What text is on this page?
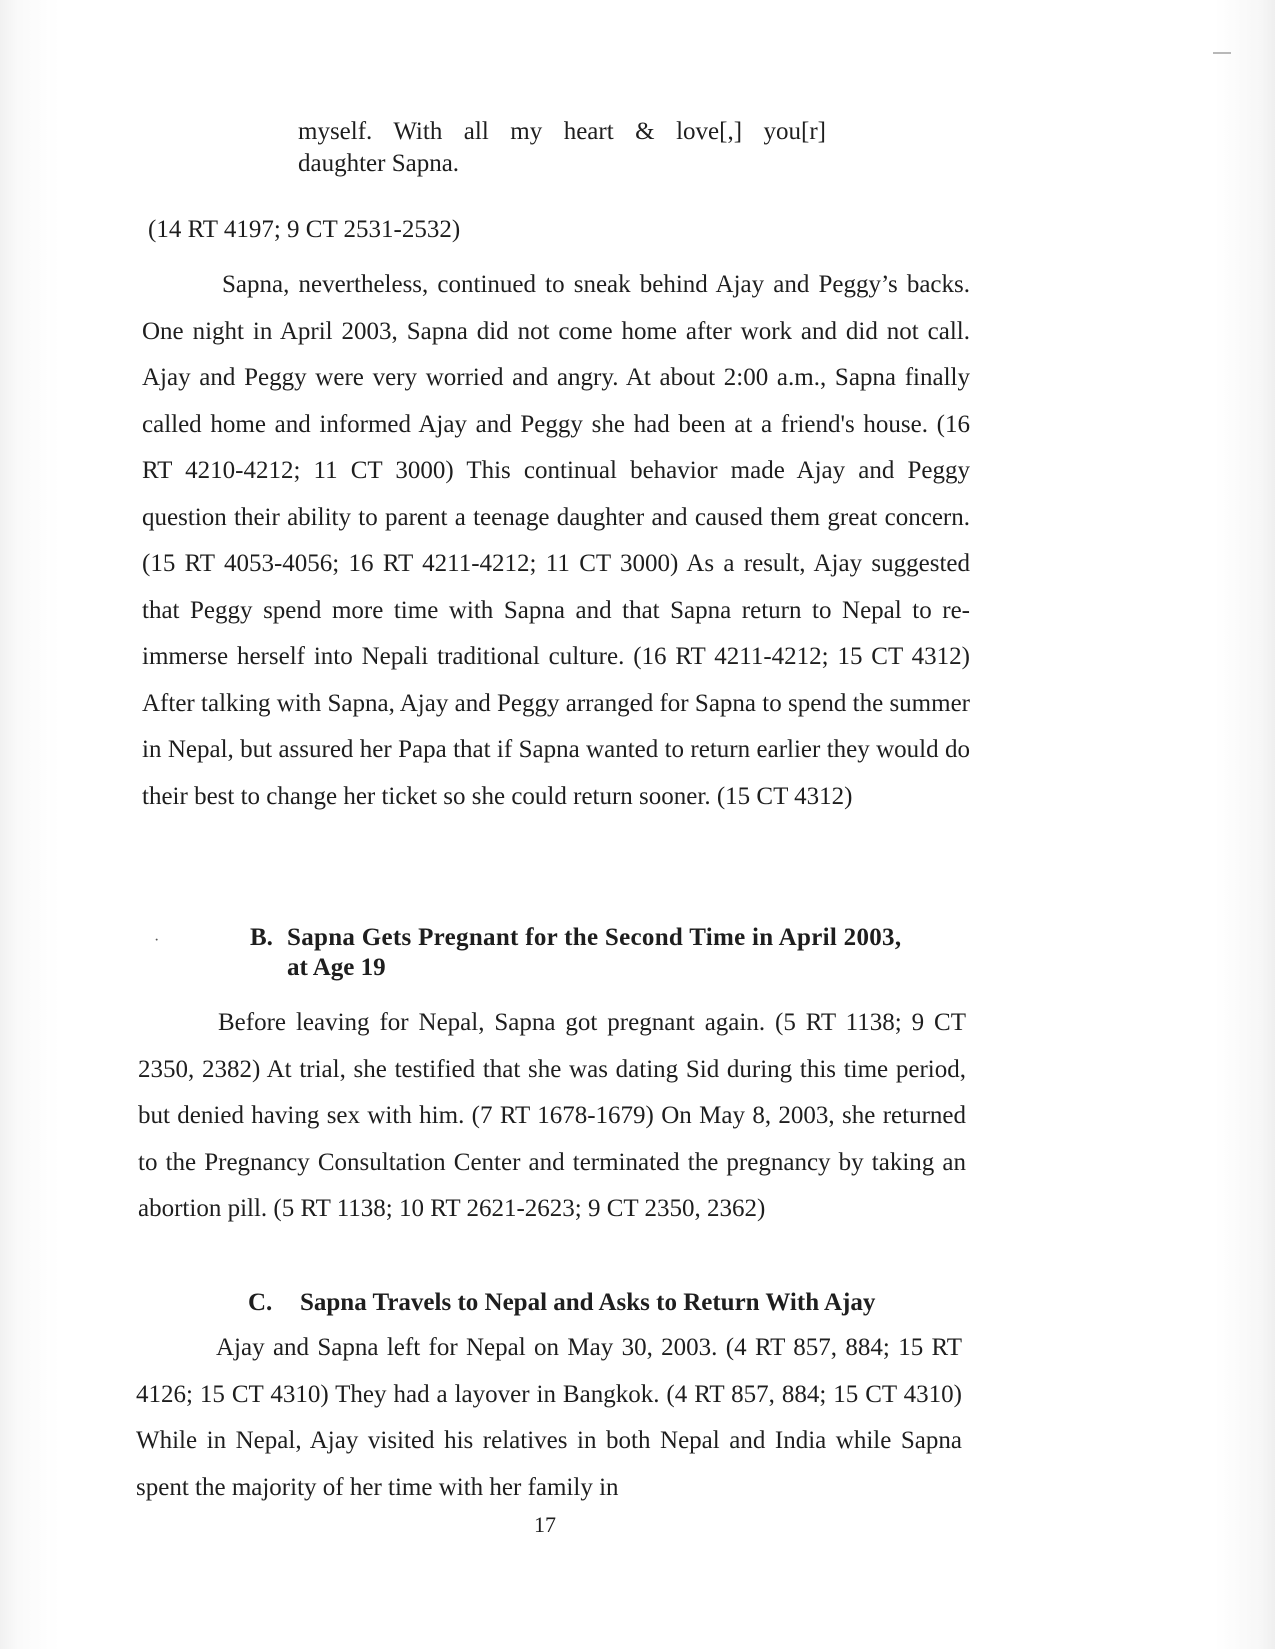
myself. With all my heart & love[,] you[r]

daughter Sapna.

(14 RT 4197; 9 CT 2531-2532)

Sapna, nevertheless, continued to sneak behind Ajay and Peggy’s backs. One night in April 2003, Sapna did not come home after work and did not call. Ajay and Peggy were very worried and angry. At about 2:00 a.m., Sapna finally called home and informed Ajay and Peggy she had been at a friend's house. (16 RT 4210-4212; 11 CT 3000) This continual behavior made Ajay and Peggy question their ability to parent a teenage daughter and caused them great concern. (15 RT 4053-4056; 16 RT 4211-4212; 11 CT 3000) As a result, Ajay suggested that Peggy spend more time with Sapna and that Sapna return to Nepal to re-immerse herself into Nepali traditional culture. (16 RT 4211-4212; 15 CT 4312) After talking with Sapna, Ajay and Peggy arranged for Sapna to spend the summer in Nepal, but assured her Papa that if Sapna wanted to return earlier they would do their best to change her ticket so she could return sooner. (15 CT 4312)

·	B. Sapna Gets Pregnant for the Second Time in April 2003,
at Age 19

Before leaving for Nepal, Sapna got pregnant again. (5 RT 1138; 9 CT 2350, 2382) At trial, she testified that she was dating Sid during this time period, but denied having sex with him. (7 RT 1678-1679) On May 8, 2003, she returned to the Pregnancy Consultation Center and terminated the pregnancy by taking an abortion pill. (5 RT 1138; 10 RT 2621-2623; 9 CT 2350, 2362)

C. Sapna Travels to Nepal and Asks to Return With Ajay

Ajay and Sapna left for Nepal on May 30, 2003. (4 RT 857, 884; 15 RT 4126; 15 CT 4310) They had a layover in Bangkok. (4 RT 857, 884; 15 CT 4310) While in Nepal, Ajay visited his relatives in both Nepal and India while Sapna spent the majority of her time with her family in

17
